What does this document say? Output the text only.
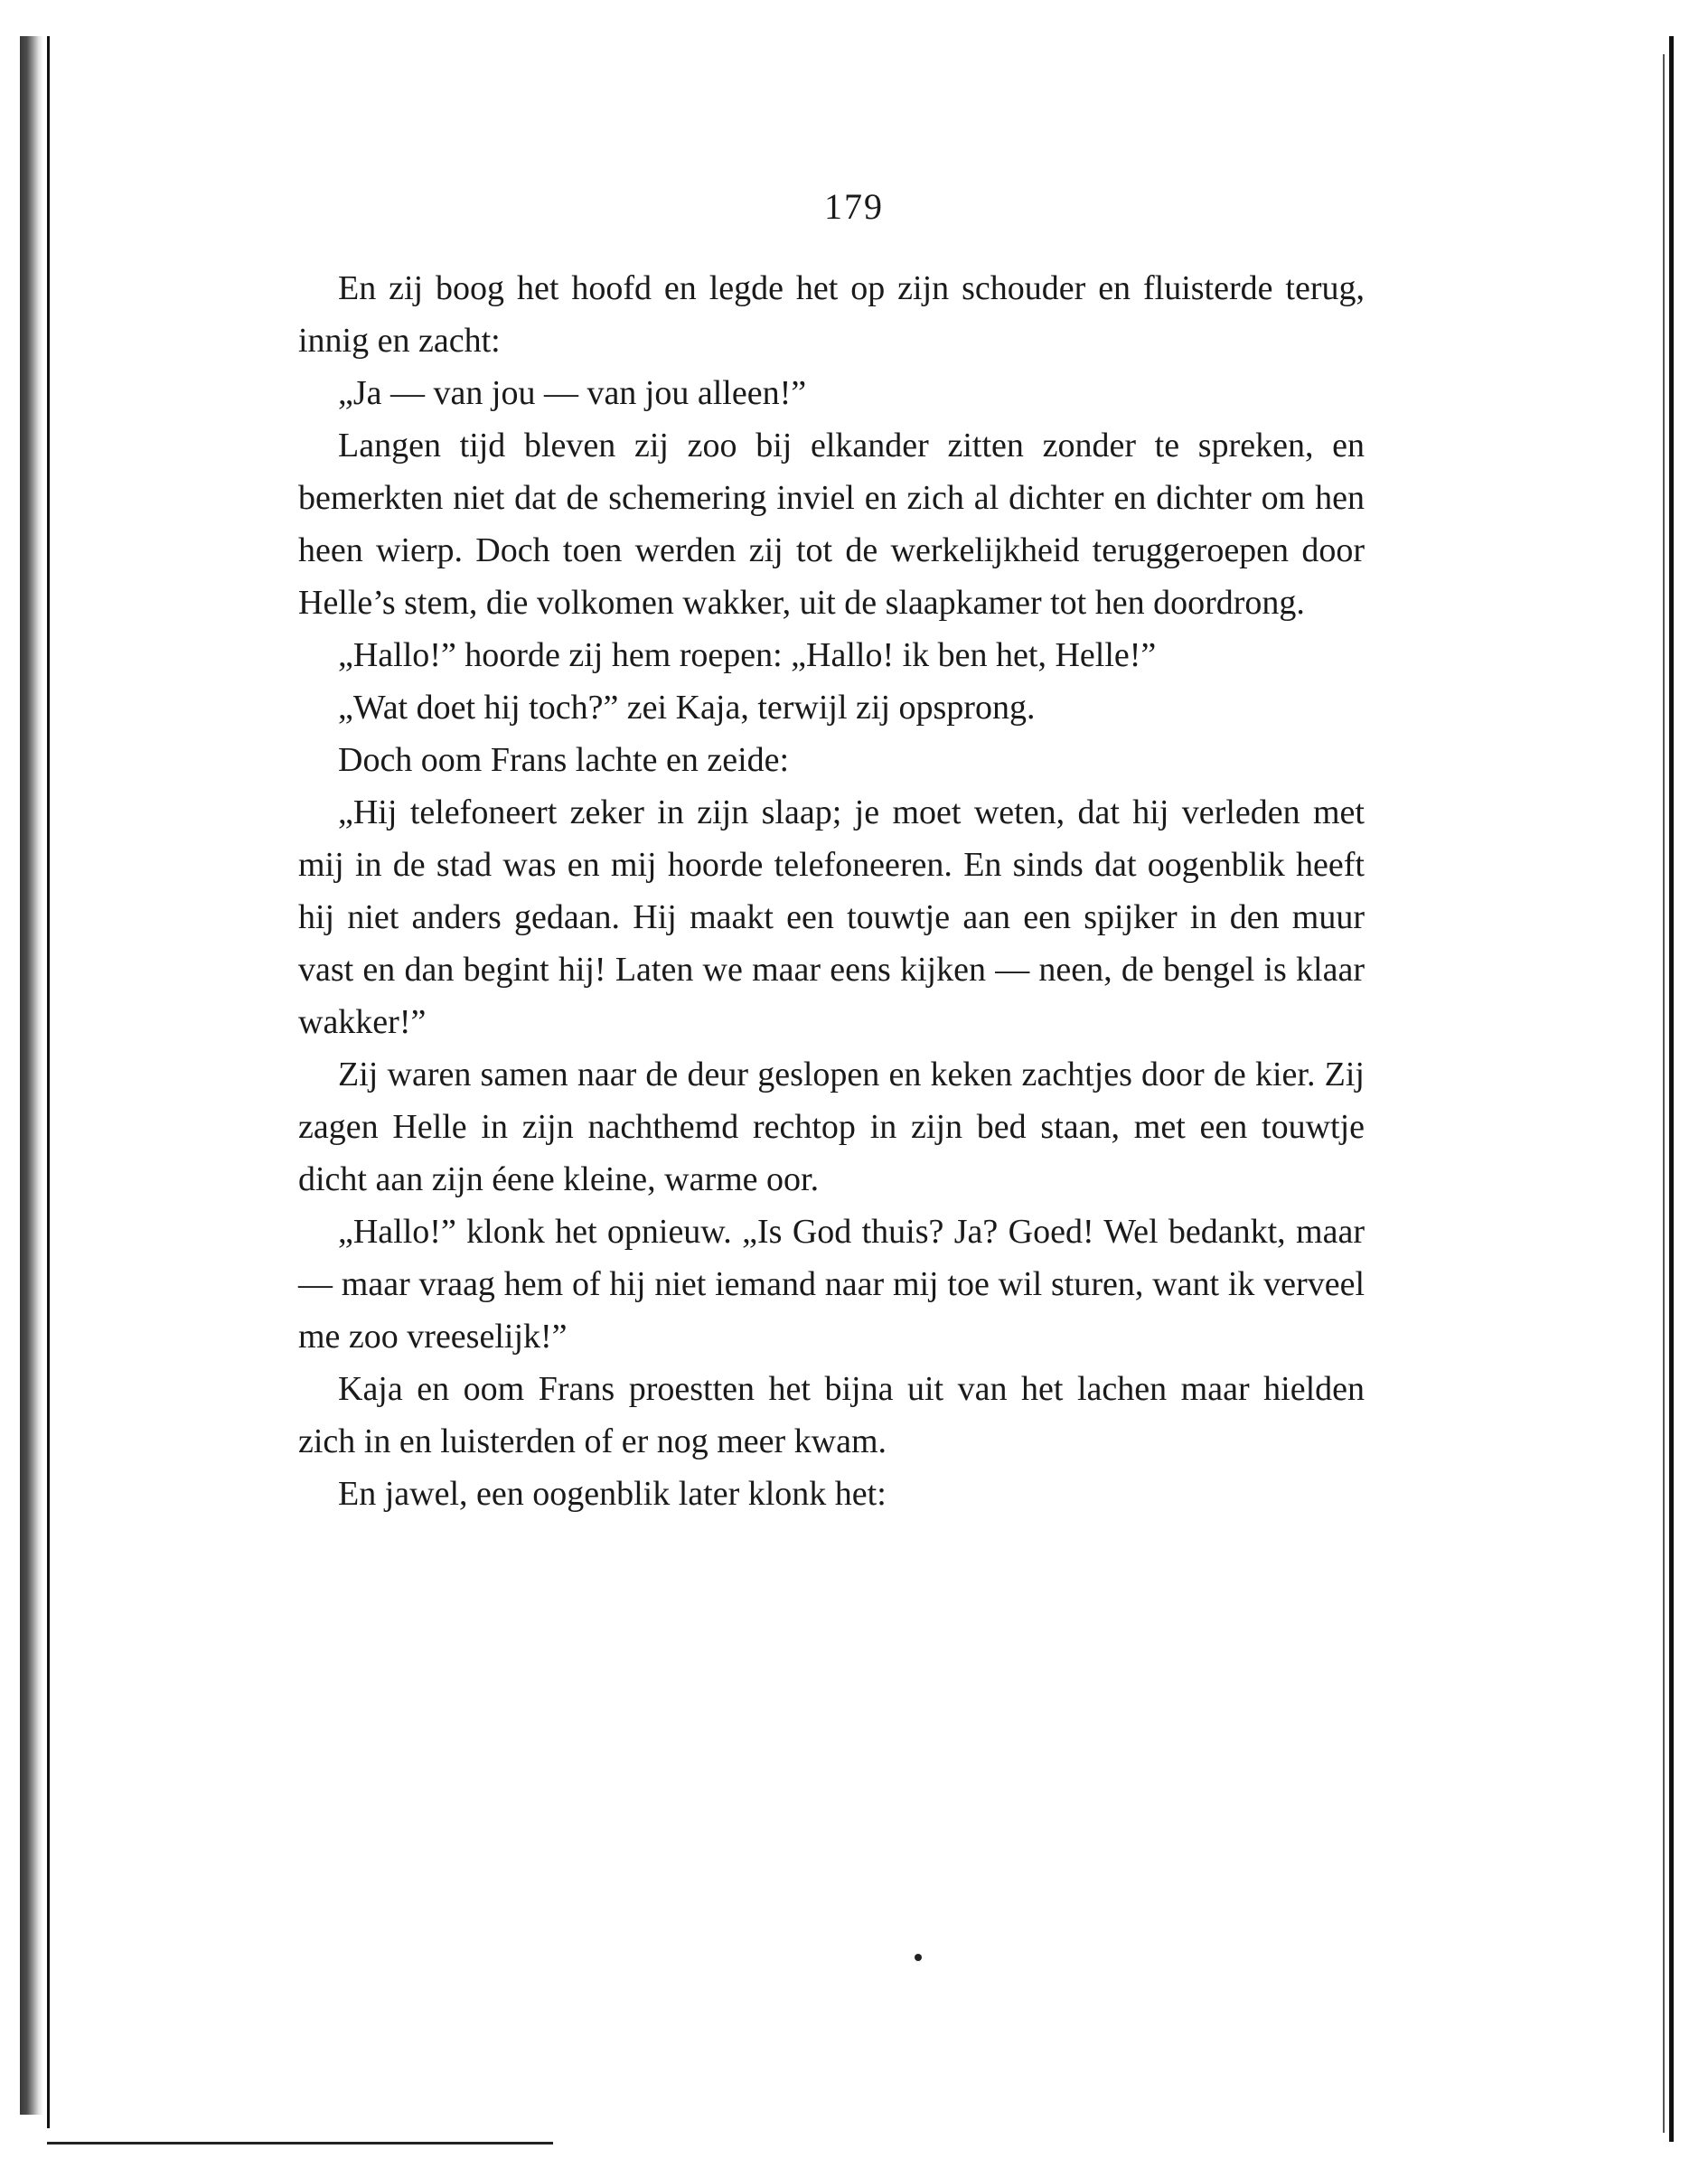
179

En zij boog het hoofd en legde het op zijn schouder en fluisterde terug, innig en zacht:

„Ja — van jou — van jou alleen!”

Langen tijd bleven zij zoo bij elkander zitten zonder te spreken, en bemerkten niet dat de schemering inviel en zich al dichter en dichter om hen heen wierp. Doch toen werden zij tot de werkelijkheid teruggeroepen door Helle’s stem, die volkomen wakker, uit de slaapkamer tot hen doordrong.

„Hallo!” hoorde zij hem roepen: „Hallo! ik ben het, Helle!”

„Wat doet hij toch?” zei Kaja, terwijl zij opsprong.

Doch oom Frans lachte en zeide:

„Hij telefoneert zeker in zijn slaap; je moet weten, dat hij verleden met mij in de stad was en mij hoorde telefoneeren. En sinds dat oogenblik heeft hij niet anders gedaan. Hij maakt een touwtje aan een spijker in den muur vast en dan begint hij! Laten we maar eens kijken — neen, de bengel is klaar wakker!”

Zij waren samen naar de deur geslopen en keken zachtjes door de kier. Zij zagen Helle in zijn nachthemd rechtop in zijn bed staan, met een touwtje dicht aan zijn éene kleine, warme oor.

„Hallo!” klonk het opnieuw. „Is God thuis? Ja? Goed! Wel bedankt, maar — maar vraag hem of hij niet iemand naar mij toe wil sturen, want ik verveel me zoo vreeselijk!”

Kaja en oom Frans proestten het bijna uit van het lachen maar hielden zich in en luisterden of er nog meer kwam.

En jawel, een oogenblik later klonk het:
